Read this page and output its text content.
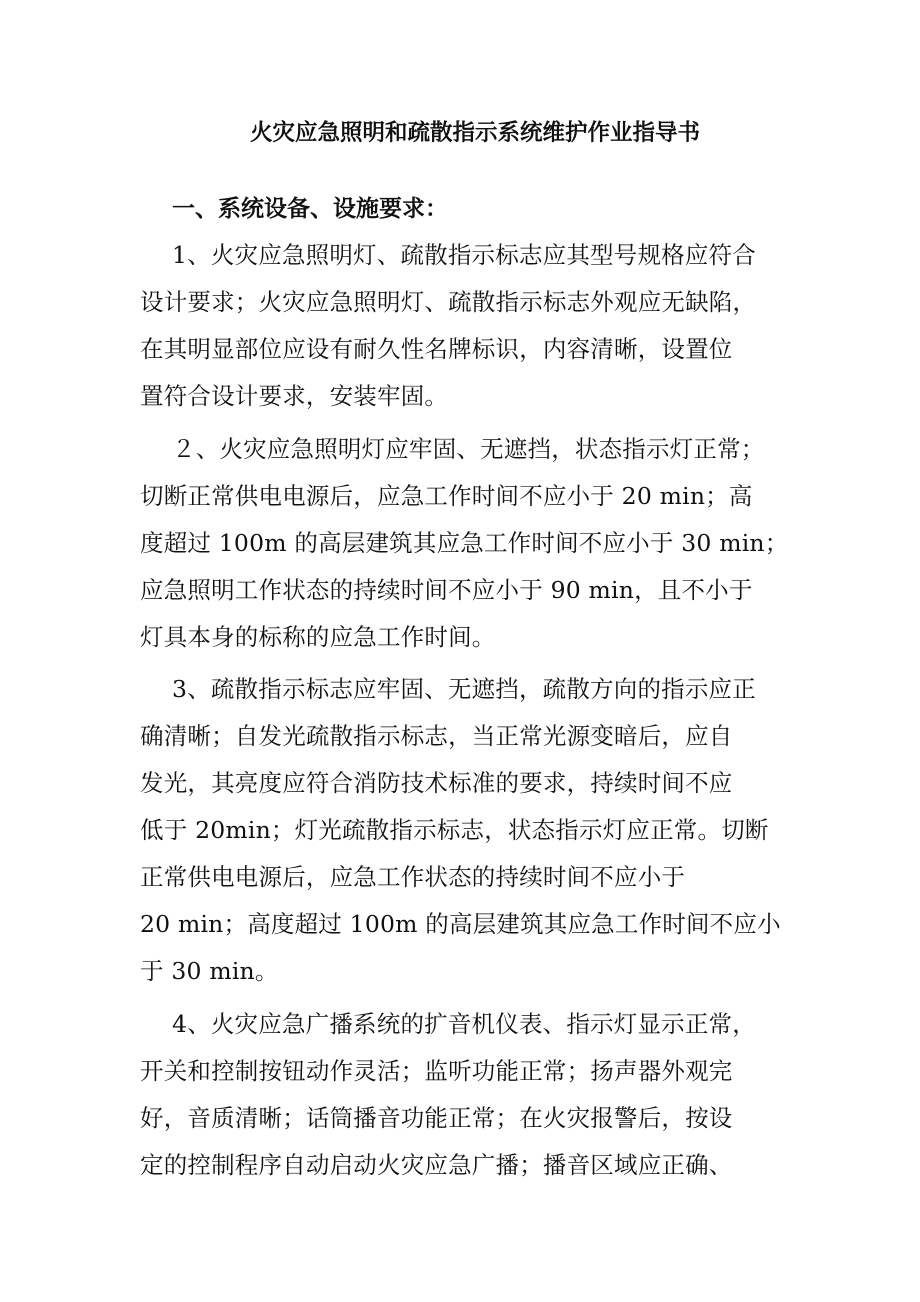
火灾应急照明和疏散指示系统维护作业指导书
一、系统设备、设施要求：
1、火灾应急照明灯、疏散指示标志应其型号规格应符合
设计要求；火灾应急照明灯、疏散指示标志外观应无缺陷，
在其明显部位应设有耐久性名牌标识，内容清晰，设置位
置符合设计要求，安装牢固。
２、火灾应急照明灯应牢固、无遮挡，状态指示灯正常；
切断正常供电电源后，应急工作时间不应小于 20 min；高
度超过 100m 的高层建筑其应急工作时间不应小于 30 min；
应急照明工作状态的持续时间不应小于 90 min，且不小于
灯具本身的标称的应急工作时间。
3、疏散指示标志应牢固、无遮挡，疏散方向的指示应正
确清晰；自发光疏散指示标志，当正常光源变暗后，应自
发光，其亮度应符合消防技术标准的要求，持续时间不应
低于 20min；灯光疏散指示标志，状态指示灯应正常。切断
正常供电电源后，应急工作状态的持续时间不应小于
20 min；高度超过 100m 的高层建筑其应急工作时间不应小
于 30 min。
4、火灾应急广播系统的扩音机仪表、指示灯显示正常，
开关和控制按钮动作灵活；监听功能正常；扬声器外观完
好，音质清晰；话筒播音功能正常；在火灾报警后，按设
定的控制程序自动启动火灾应急广播；播音区域应正确、
